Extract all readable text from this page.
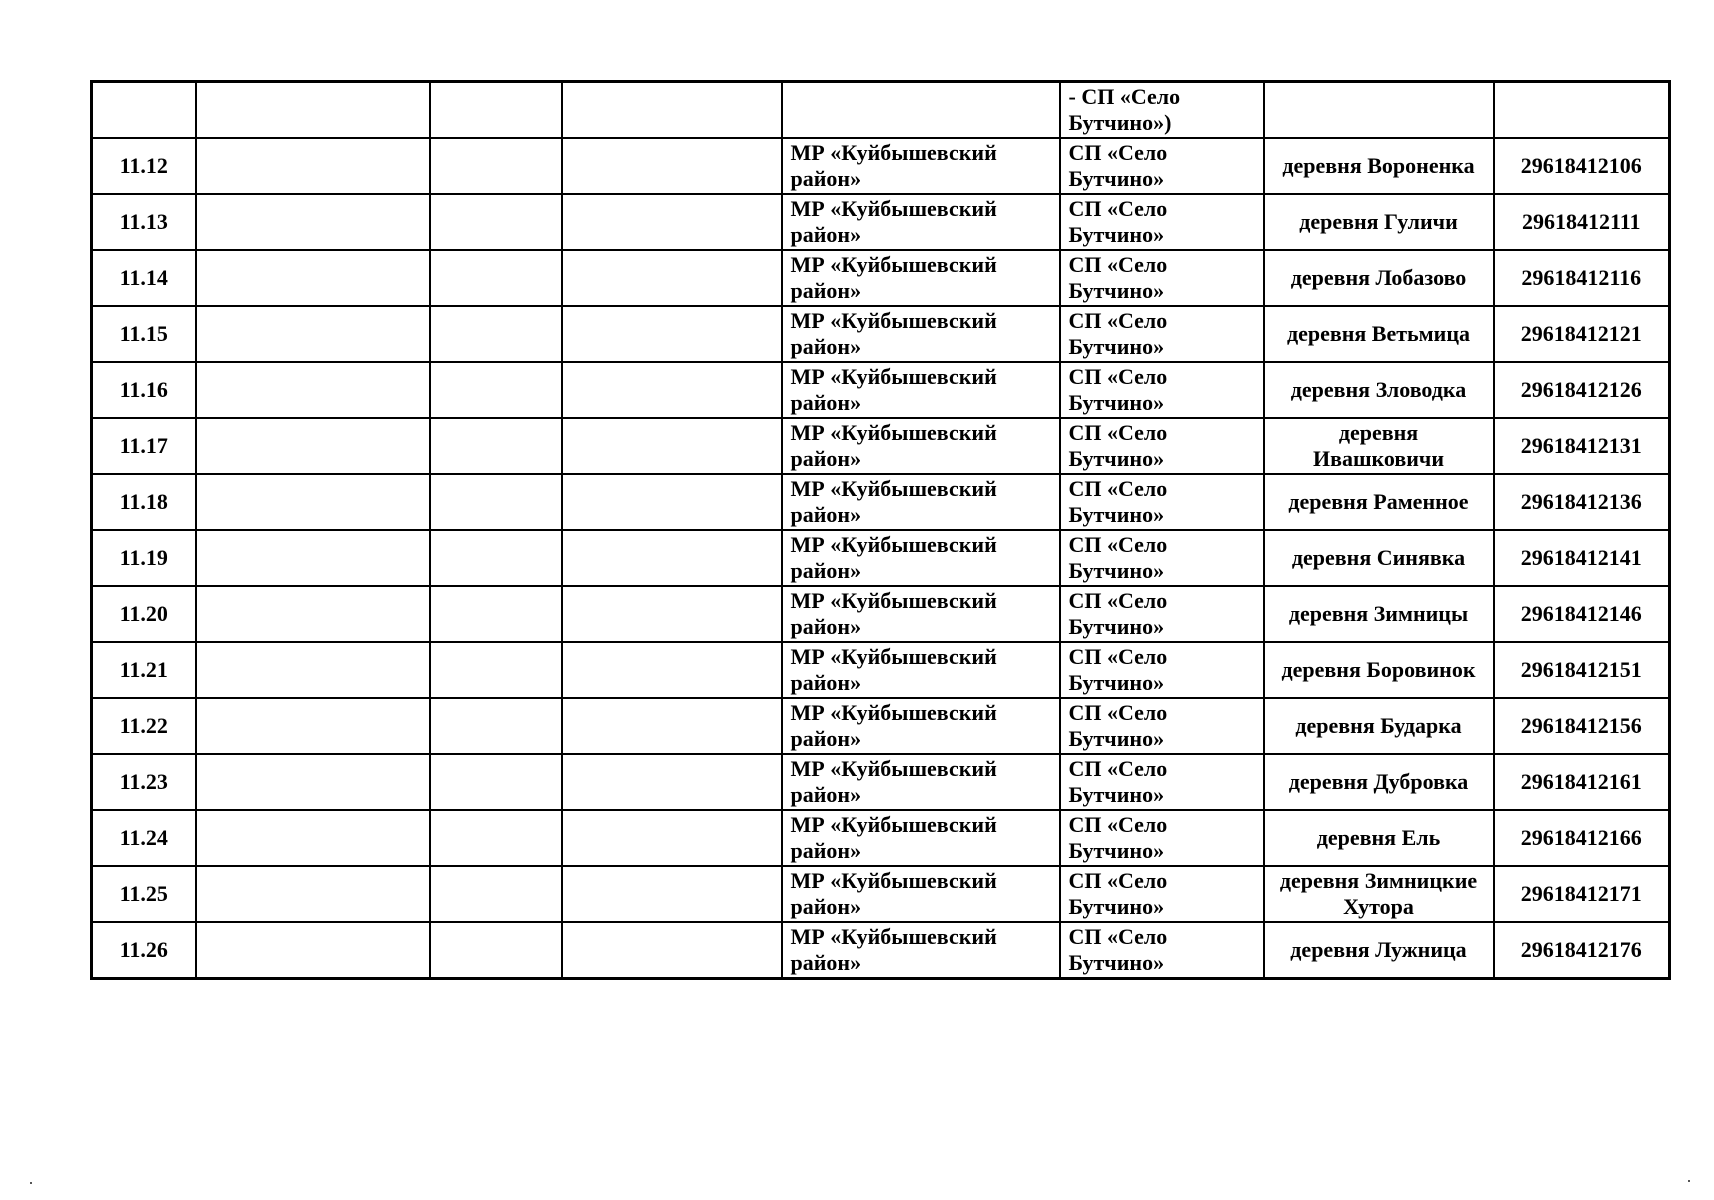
					- СП «Село Бутчино»)		
11.12				МР «Куйбышевский район»	СП «Село Бутчино»	деревня Вороненка	29618412106
11.13				МР «Куйбышевский район»	СП «Село Бутчино»	деревня Гуличи	29618412111
11.14				МР «Куйбышевский район»	СП «Село Бутчино»	деревня Лобазово	29618412116
11.15				МР «Куйбышевский район»	СП «Село Бутчино»	деревня Ветьмица	29618412121
11.16				МР «Куйбышевский район»	СП «Село Бутчино»	деревня Зловодка	29618412126
11.17				МР «Куйбышевский район»	СП «Село Бутчино»	деревня Ивашковичи	29618412131
11.18				МР «Куйбышевский район»	СП «Село Бутчино»	деревня Раменное	29618412136
11.19				МР «Куйбышевский район»	СП «Село Бутчино»	деревня Синявка	29618412141
11.20				МР «Куйбышевский район»	СП «Село Бутчино»	деревня Зимницы	29618412146
11.21				МР «Куйбышевский район»	СП «Село Бутчино»	деревня Боровинок	29618412151
11.22				МР «Куйбышевский район»	СП «Село Бутчино»	деревня Бударка	29618412156
11.23				МР «Куйбышевский район»	СП «Село Бутчино»	деревня Дубровка	29618412161
11.24				МР «Куйбышевский район»	СП «Село Бутчино»	деревня Ель	29618412166
11.25				МР «Куйбышевский район»	СП «Село Бутчино»	деревня Зимницкие Хутора	29618412171
11.26				МР «Куйбышевский район»	СП «Село Бутчино»	деревня Лужница	29618412176
